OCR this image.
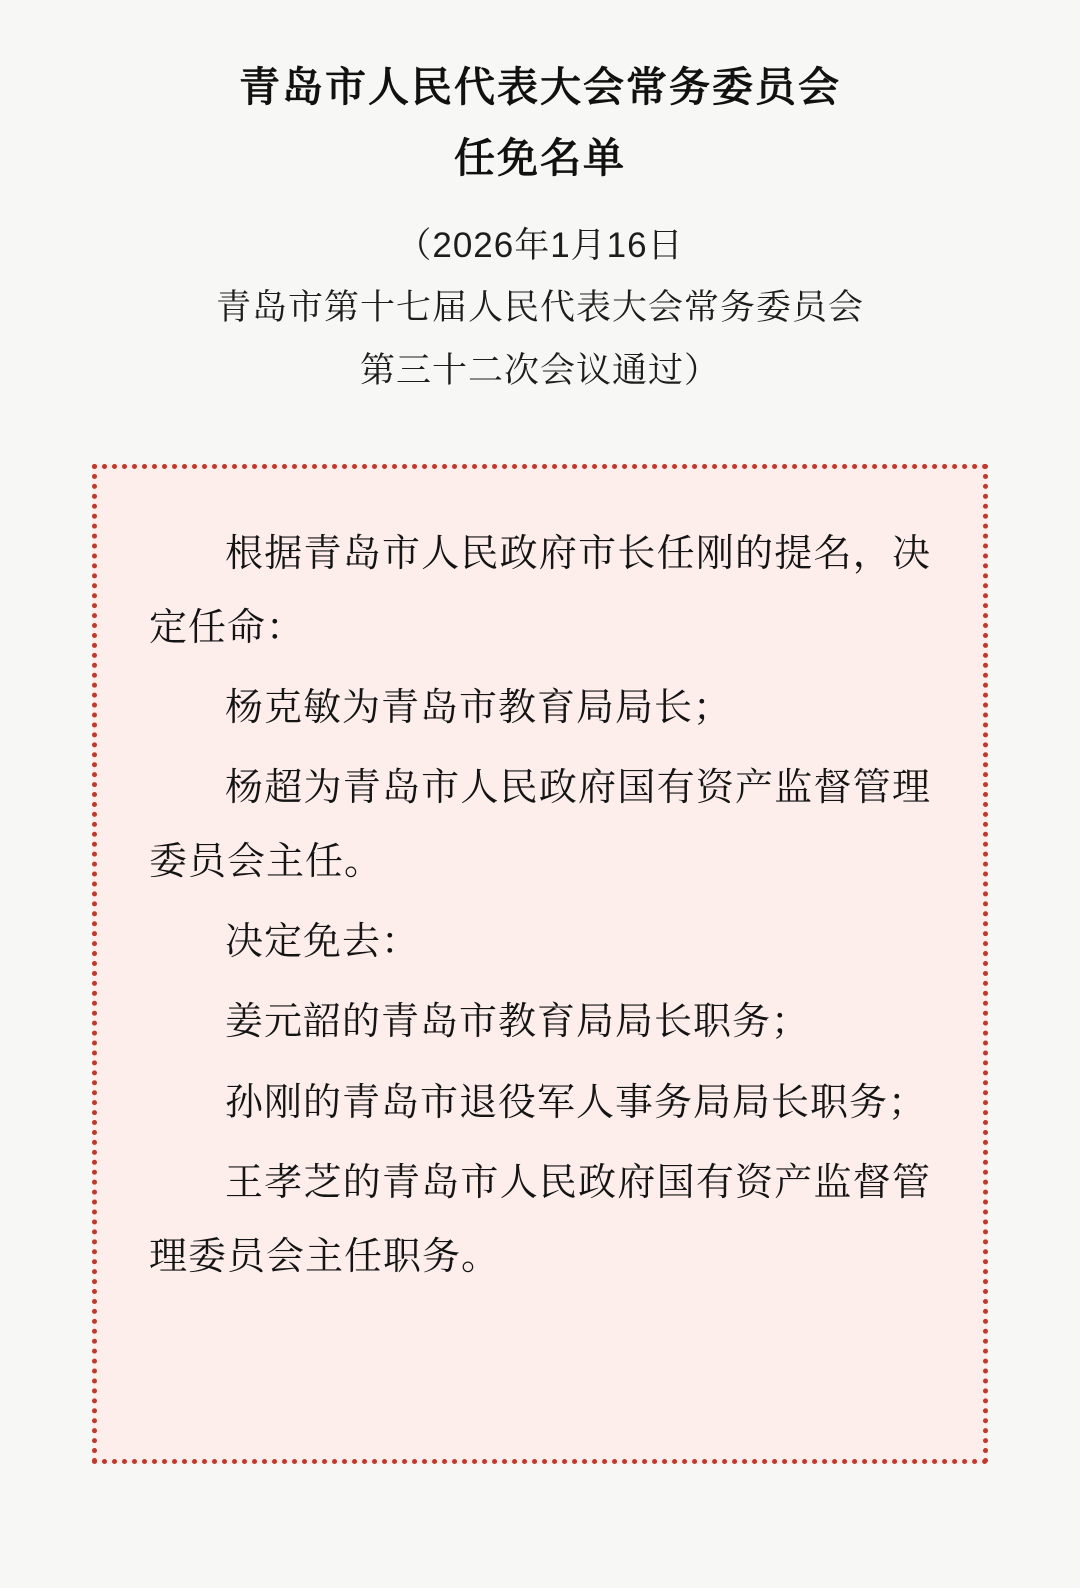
青岛市人民代表大会常务委员会
任免名单
（2026年1月16日
青岛市第十七届人民代表大会常务委员会
第三十二次会议通过）

根据青岛市人民政府市长任刚的提名，决定任命：

杨克敏为青岛市教育局局长；

杨超为青岛市人民政府国有资产监督管理委员会主任。

决定免去：

姜元韶的青岛市教育局局长职务；

孙刚的青岛市退役军人事务局局长职务；

王孝芝的青岛市人民政府国有资产监督管理委员会主任职务。
